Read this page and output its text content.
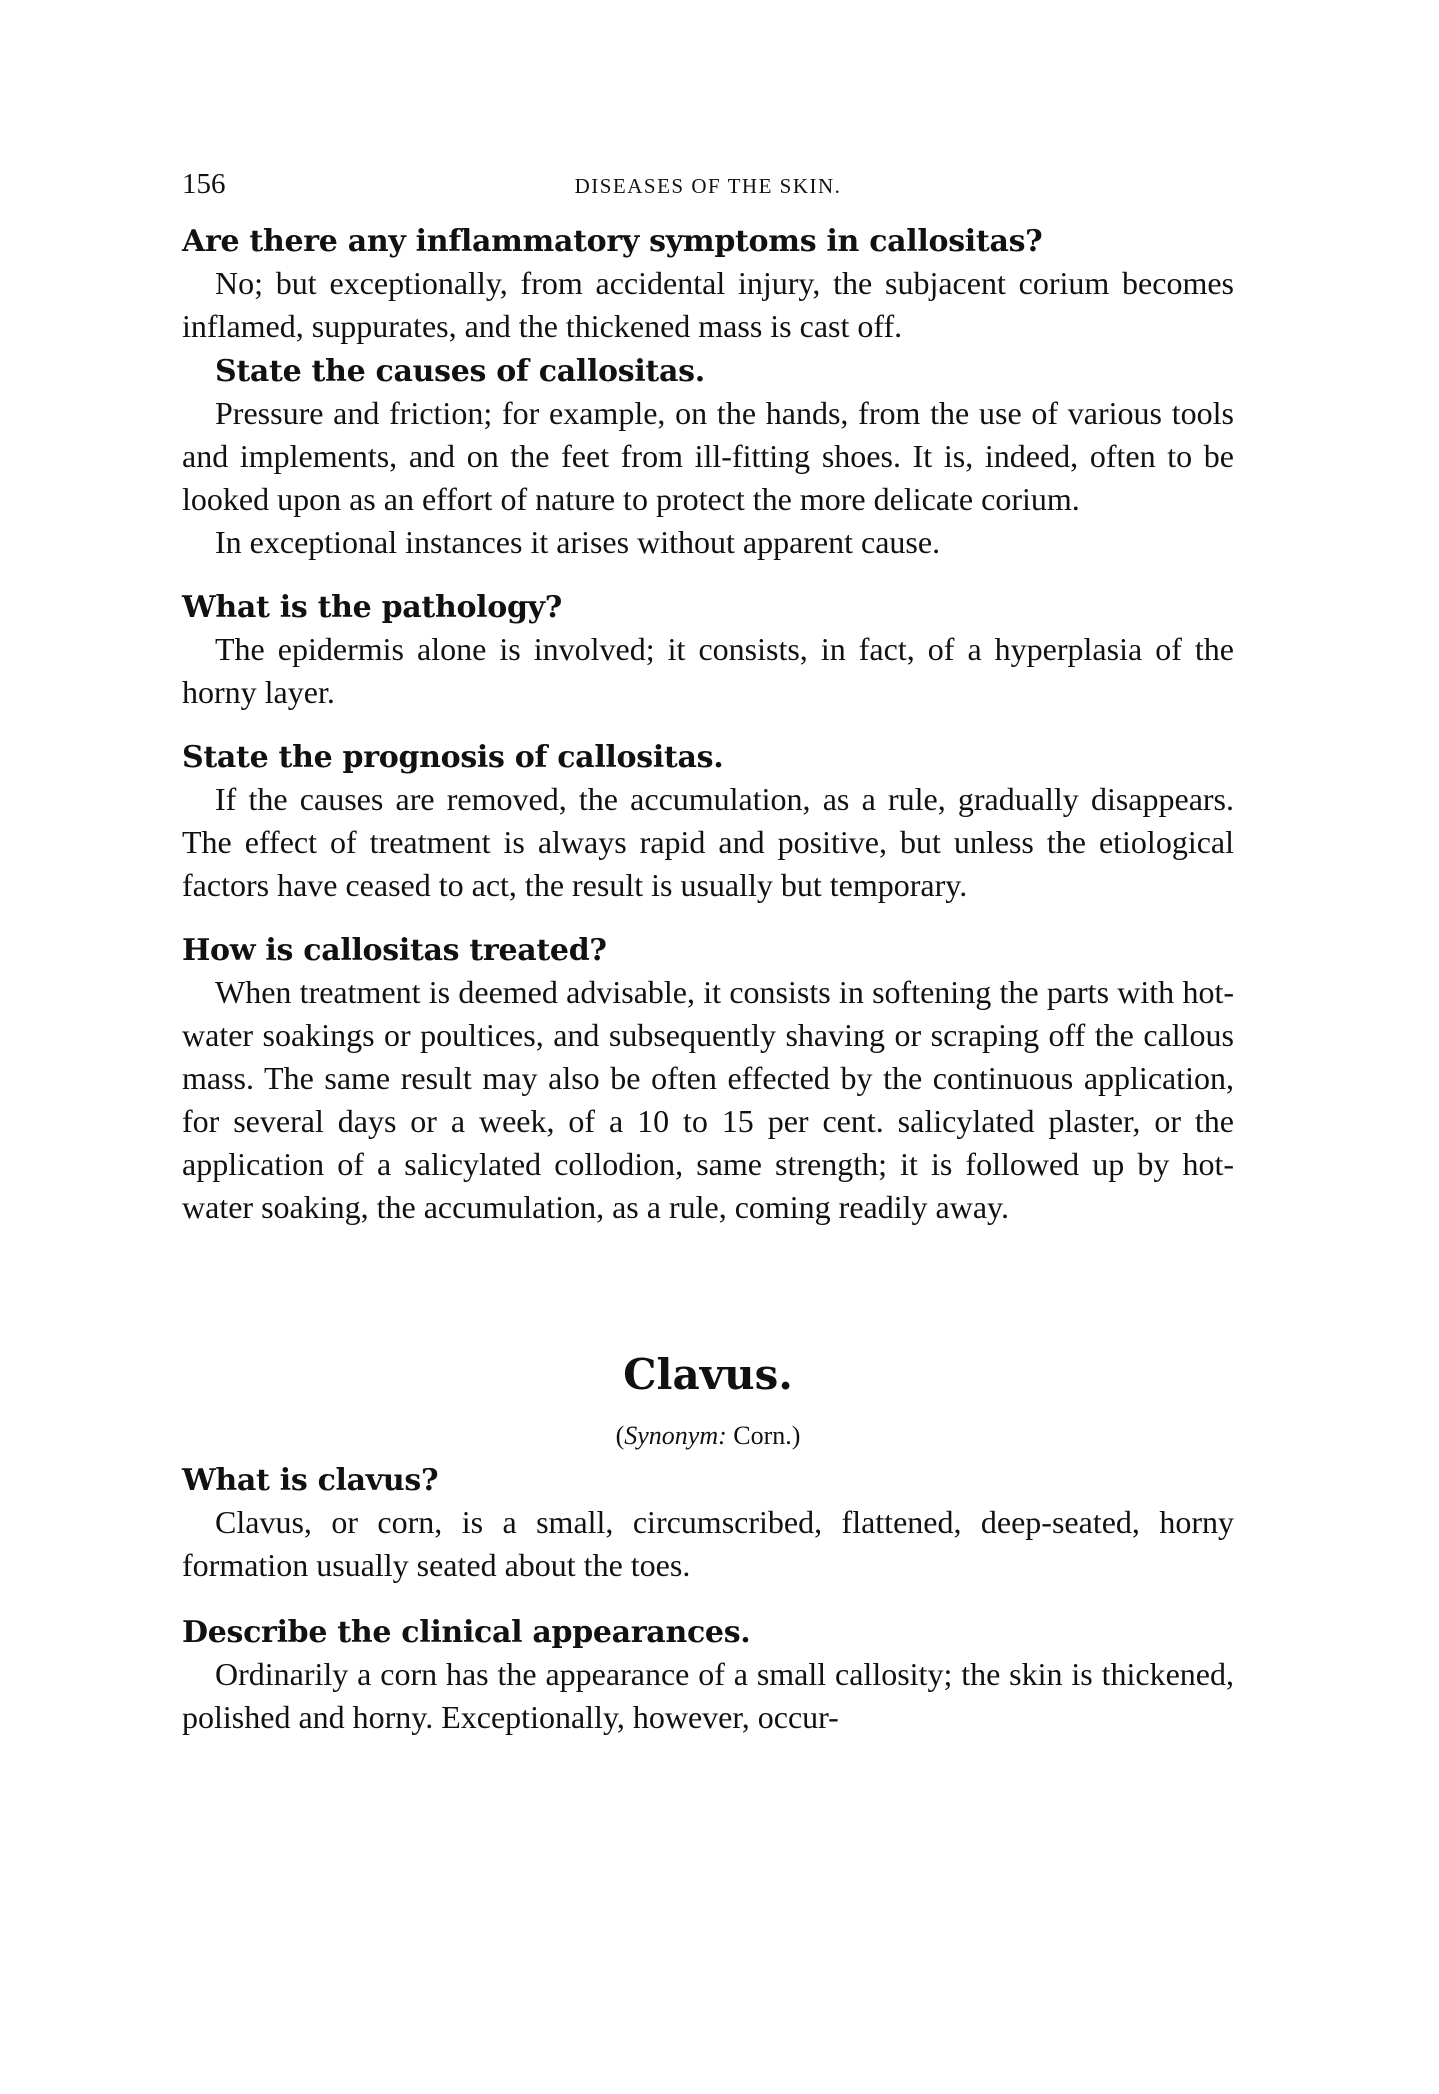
156	DISEASES OF THE SKIN.
Are there any inflammatory symptoms in callositas?

No; but exceptionally, from accidental injury, the subjacent corium becomes inflamed, suppurates, and the thickened mass is cast off.

State the causes of callositas.

Pressure and friction; for example, on the hands, from the use of various tools and implements, and on the feet from ill-fitting shoes. It is, indeed, often to be looked upon as an effort of nature to protect the more delicate corium.

In exceptional instances it arises without apparent cause.

What is the pathology?

The epidermis alone is involved; it consists, in fact, of a hyperplasia of the horny layer.

State the prognosis of callositas.

If the causes are removed, the accumulation, as a rule, gradually disappears. The effect of treatment is always rapid and positive, but unless the etiological factors have ceased to act, the result is usually but temporary.

How is callositas treated?

When treatment is deemed advisable, it consists in softening the parts with hot-water soakings or poultices, and subsequently shaving or scraping off the callous mass. The same result may also be often effected by the continuous application, for several days or a week, of a 10 to 15 per cent. salicylated plaster, or the application of a salicylated collodion, same strength; it is followed up by hot-water soaking, the accumulation, as a rule, coming readily away.

Clavus.
(Synonym: Corn.)
What is clavus?

Clavus, or corn, is a small, circumscribed, flattened, deep-seated, horny formation usually seated about the toes.

Describe the clinical appearances.

Ordinarily a corn has the appearance of a small callosity; the skin is thickened, polished and horny. Exceptionally, however, occur-
